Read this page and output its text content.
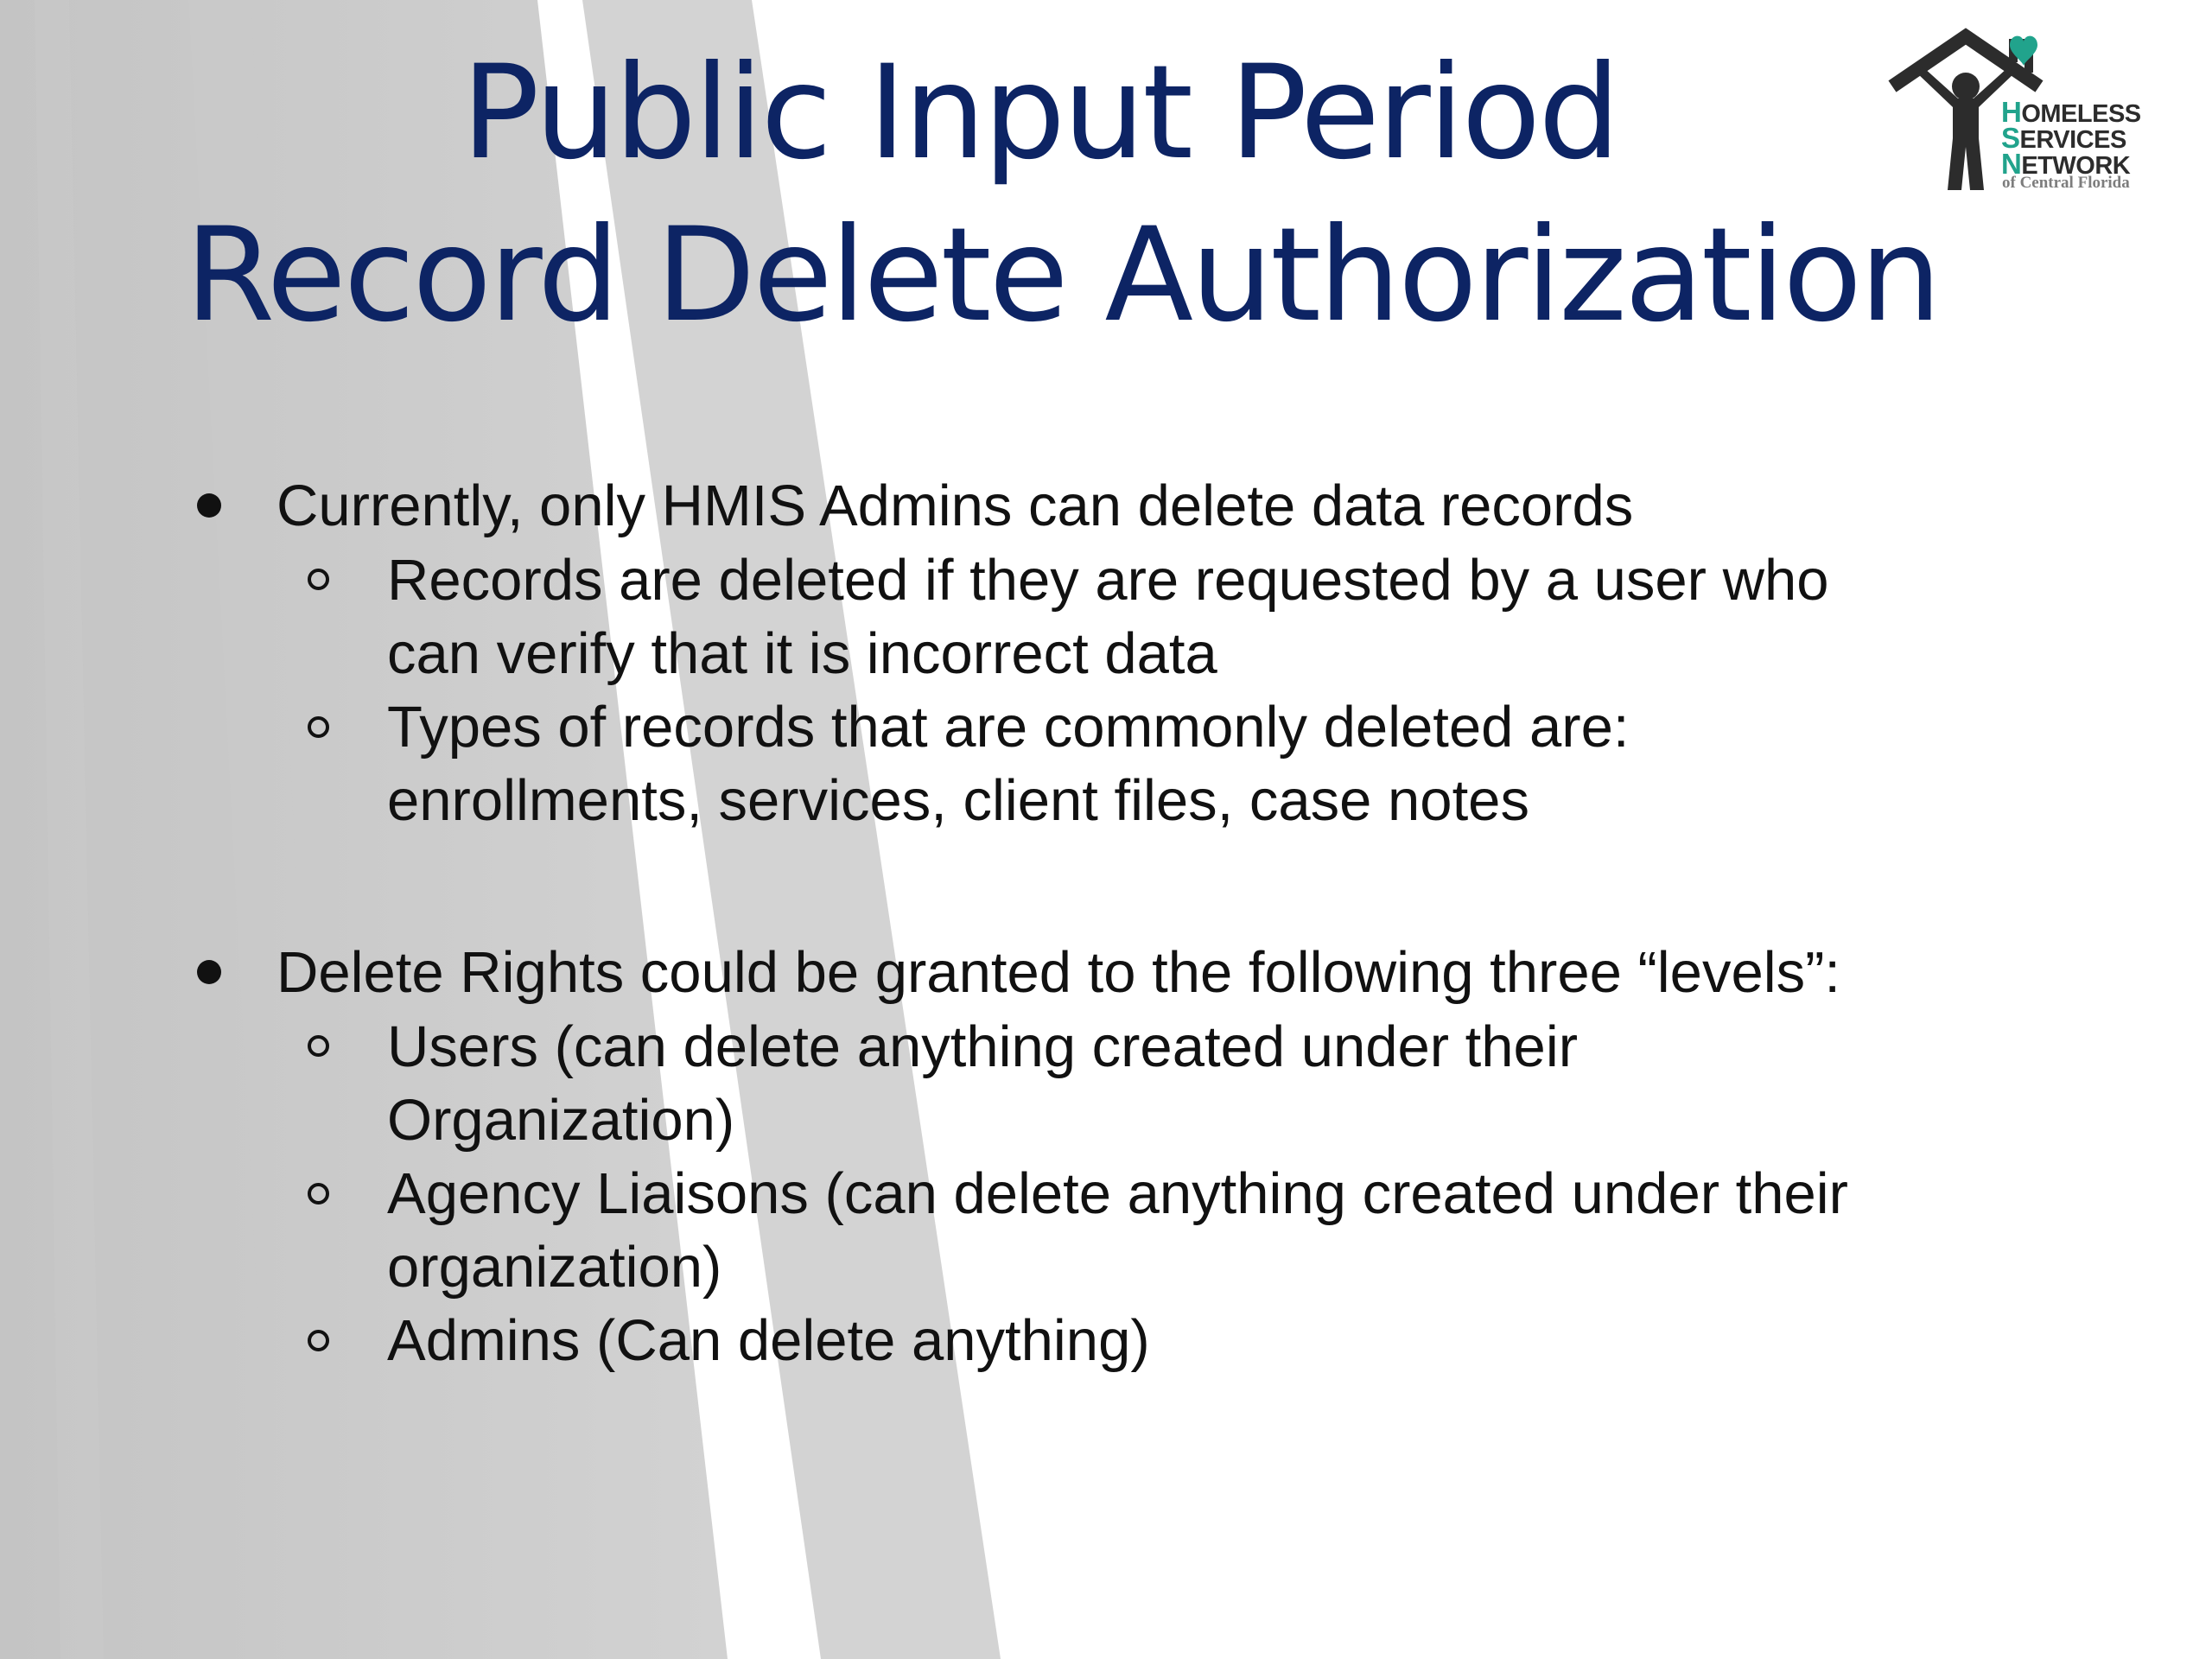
Public Input Period
Record Delete Authorization
HOMELESS
SERVICES
NETWORK
of Central Florida
Currently, only HMIS Admins can delete data records
Records are deleted if they are requested by a user who
can verify that it is incorrect data
Types of records that are commonly deleted are:
enrollments, services, client files, case notes
Delete Rights could be granted to the following three “levels”:
Users (can delete anything created under their
Organization)
Agency Liaisons (can delete anything created under their
organization)
Admins (Can delete anything)
